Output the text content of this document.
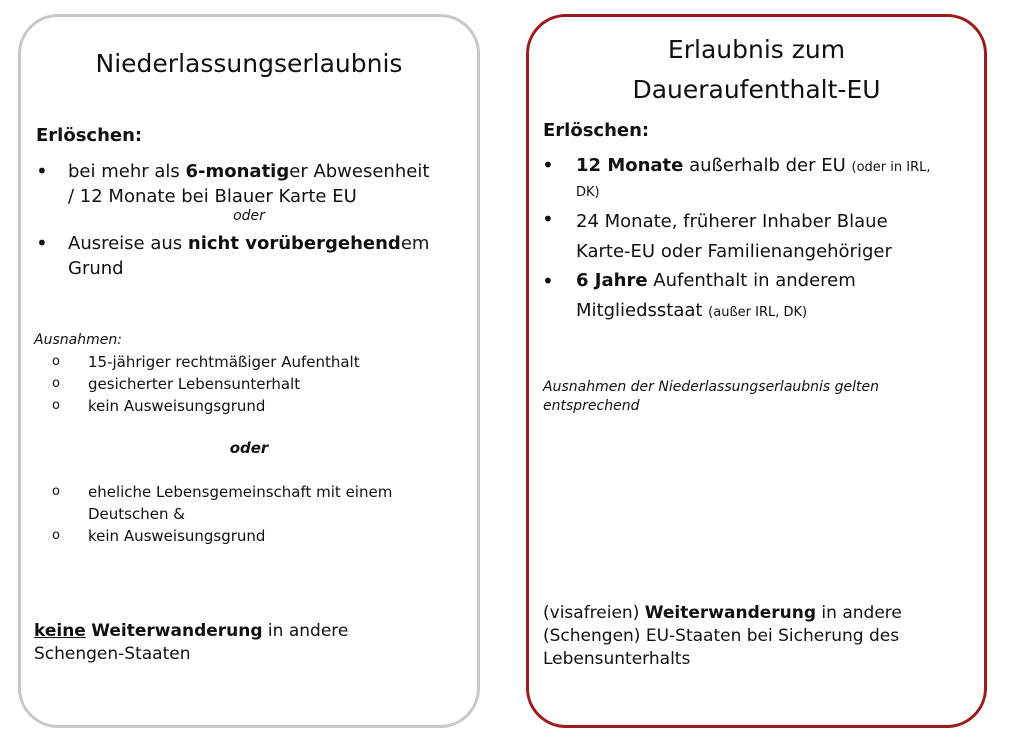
Niederlassungserlaubnis
Erlöschen:
• bei mehr als 6-monatiger Abwesenheit
/ 12 Monate bei Blauer Karte EU
oder
• Ausreise aus nicht vorübergehendem
Grund
Ausnahmen:
o 15-jähriger rechtmäßiger Aufenthalt
o gesicherter Lebensunterhalt
o kein Ausweisungsgrund
oder
o eheliche Lebensgemeinschaft mit einem
Deutschen &
o kein Ausweisungsgrund
keine Weiterwanderung in andere
Schengen-Staaten
Erlaubnis zum
Daueraufenthalt-EU
Erlöschen:
• 12 Monate außerhalb der EU (oder in IRL,
DK)
• 24 Monate, früherer Inhaber Blaue
Karte-EU oder Familienangehöriger
• 6 Jahre Aufenthalt in anderem
Mitgliedsstaat (außer IRL, DK)
Ausnahmen der Niederlassungserlaubnis gelten
entsprechend
(visafreien) Weiterwanderung in andere
(Schengen) EU-Staaten bei Sicherung des
Lebensunterhalts
